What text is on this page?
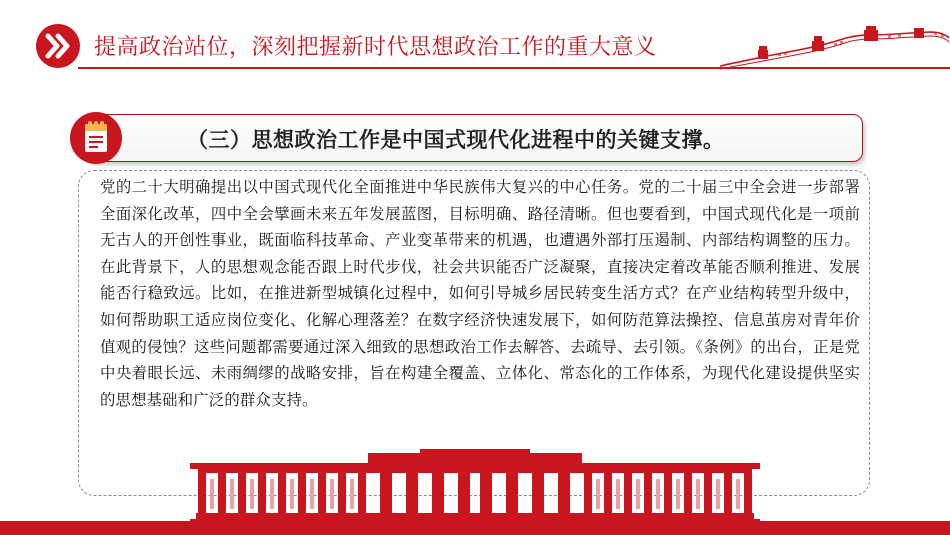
提高政治站位，深刻把握新时代思想政治工作的重大意义
（三）思想政治工作是中国式现代化进程中的关键支撑。

党的二十大明确提出以中国式现代化全面推进中华民族伟大复兴的中心任务。党的二十届三中全会进一步部署全面深化改革，四中全会擘画未来五年发展蓝图，目标明确、路径清晰。但也要看到，中国式现代化是一项前无古人的开创性事业，既面临科技革命、产业变革带来的机遇，也遭遇外部打压遏制、内部结构调整的压力。在此背景下，人的思想观念能否跟上时代步伐，社会共识能否广泛凝聚，直接决定着改革能否顺利推进、发展能否行稳致远。比如，在推进新型城镇化过程中，如何引导城乡居民转变生活方式？在产业结构转型升级中，如何帮助职工适应岗位变化、化解心理落差？在数字经济快速发展下，如何防范算法操控、信息茧房对青年价值观的侵蚀？这些问题都需要通过深入细致的思想政治工作去解答、去疏导、去引领。《条例》的出台，正是党中央着眼长远、未雨绸缪的战略安排，旨在构建全覆盖、立体化、常态化的工作体系，为现代化建设提供坚实的思想基础和广泛的群众支持。
